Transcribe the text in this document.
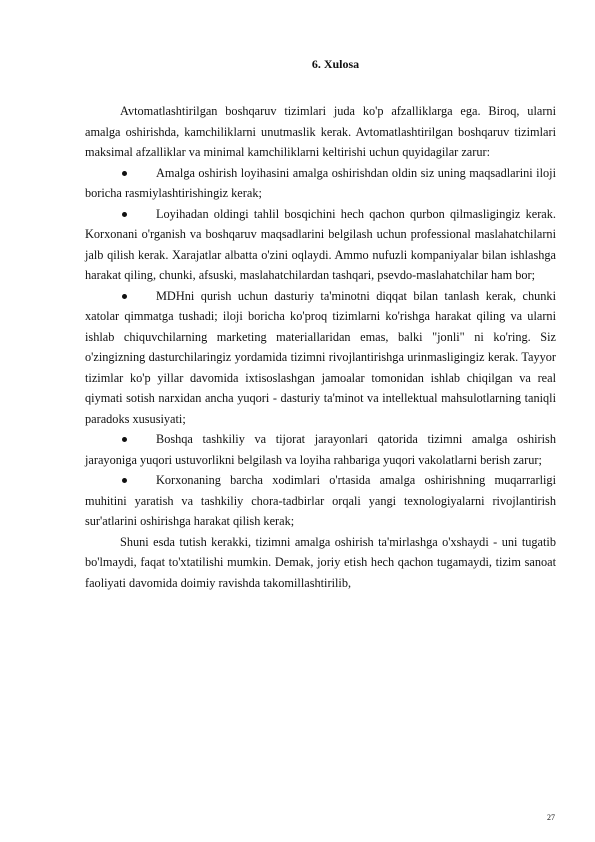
6. Xulosa

Avtomatlashtirilgan boshqaruv tizimlari juda ko'p afzalliklarga ega. Biroq, ularni amalga oshirishda, kamchiliklarni unutmaslik kerak. Avtomatlashtirilgan boshqaruv tizimlari maksimal afzalliklar va minimal kamchiliklarni keltirishi uchun quyidagilar zarur:

Amalga oshirish loyihasini amalga oshirishdan oldin siz uning maqsadlarini iloji boricha rasmiylashtirishingiz kerak;

Loyihadan oldingi tahlil bosqichini hech qachon qurbon qilmasligingiz kerak. Korxonani o'rganish va boshqaruv maqsadlarini belgilash uchun professional maslahatchilarni jalb qilish kerak. Xarajatlar albatta o'zini oqlaydi. Ammo nufuzli kompaniyalar bilan ishlashga harakat qiling, chunki, afsuski, maslahatchilardan tashqari, psevdo-maslahatchilar ham bor;

MDHni qurish uchun dasturiy ta'minotni diqqat bilan tanlash kerak, chunki xatolar qimmatga tushadi; iloji boricha ko'proq tizimlarni ko'rishga harakat qiling va ularni ishlab chiquvchilarning marketing materiallaridan emas, balki "jonli" ni ko'ring. Siz o'zingizning dasturchilaringiz yordamida tizimni rivojlantirishga urinmasligingiz kerak. Tayyor tizimlar ko'p yillar davomida ixtisoslashgan jamoalar tomonidan ishlab chiqilgan va real qiymati sotish narxidan ancha yuqori - dasturiy ta'minot va intellektual mahsulotlarning taniqli paradoks xususiyati;

Boshqa tashkiliy va tijorat jarayonlari qatorida tizimni amalga oshirish jarayoniga yuqori ustuvorlikni belgilash va loyiha rahbariga yuqori vakolatlarni berish zarur;

Korxonaning barcha xodimlari o'rtasida amalga oshirishning muqarrarligi muhitini yaratish va tashkiliy chora-tadbirlar orqali yangi texnologiyalarni rivojlantirish sur'atlarini oshirishga harakat qilish kerak;

Shuni esda tutish kerakki, tizimni amalga oshirish ta'mirlashga o'xshaydi - uni tugatib bo'lmaydi, faqat to'xtatilishi mumkin. Demak, joriy etish hech qachon tugamaydi, tizim sanoat faoliyati davomida doimiy ravishda takomillashtirilib,

27
